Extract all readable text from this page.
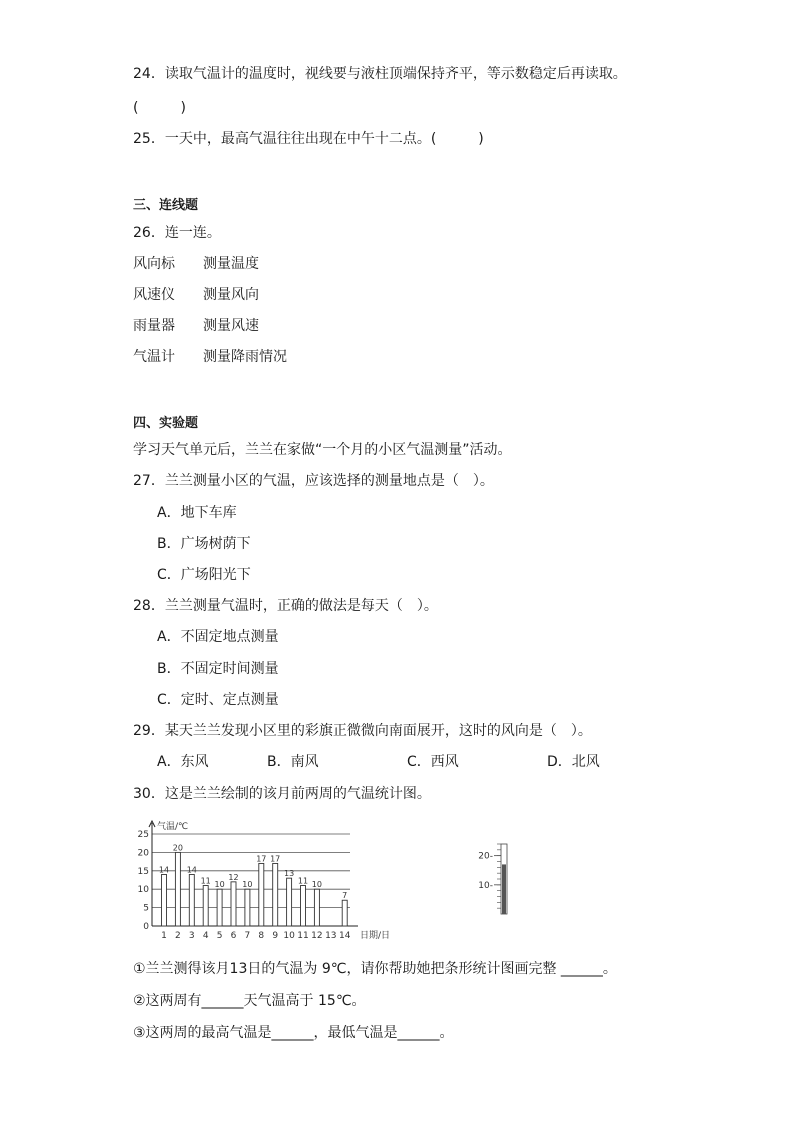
24．读取气温计的温度时，视线要与液柱顶端保持齐平，等示数稳定后再读取。
(　　　)
25．一天中，最高气温往往出现在中午十二点。(　　　)
三、连线题
26．连一连。
风向标 测量温度
风速仪 测量风向
雨量器 测量风速
气温计 测量降雨情况
四、实验题
学习天气单元后，兰兰在家做“一个月的小区气温测量”活动。
27．兰兰测量小区的气温，应该选择的测量地点是（　）。
A．地下车库
B．广场树荫下
C．广场阳光下
28．兰兰测量气温时，正确的做法是每天（　）。
A．不固定地点测量
B．不固定时间测量
C．定时、定点测量
29．某天兰兰发现小区里的彩旗正微微向南面展开，这时的风向是（　）。
A．东风	B．南风	C．西风	D．北风
30．这是兰兰绘制的该月前两周的气温统计图。
0
5
10
15
20
25
气温/℃
日期/日
1
14
2
20
3
14
4
11
5
10
6
12
7
10
8
17
9
17
10
13
11
11
12
10
13 14
7
20-
10-
①兰兰测得该月13日的气温为 9℃，请你帮助她把条形统计图画完整 ______。
②这两周有______天气温高于 15℃。
③这两周的最高气温是______，最低气温是______。
